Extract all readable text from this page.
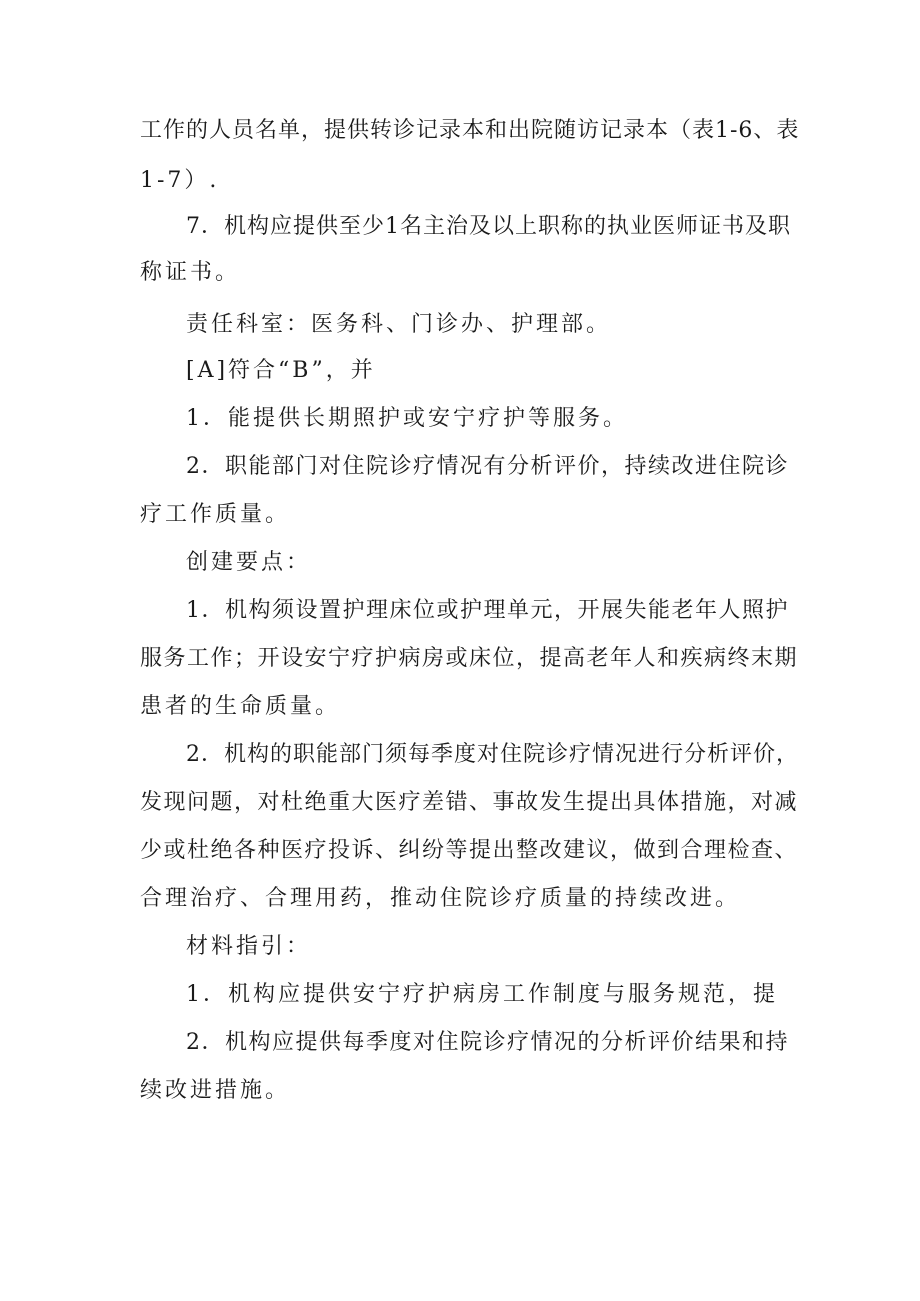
工作的人员名单，提供转诊记录本和出院随访记录本（表1-6、表
1-7）.
7．机构应提供至少1名主治及以上职称的执业医师证书及职
称证书。
责任科室：医务科、门诊办、护理部。
[A]符合“B”，并
1．能提供长期照护或安宁疗护等服务。
2．职能部门对住院诊疗情况有分析评价，持续改进住院诊
疗工作质量。
创建要点：
1．机构须设置护理床位或护理单元，开展失能老年人照护
服务工作；开设安宁疗护病房或床位，提高老年人和疾病终末期
患者的生命质量。
2．机构的职能部门须每季度对住院诊疗情况进行分析评价，
发现问题，对杜绝重大医疗差错、事故发生提出具体措施，对减
少或杜绝各种医疗投诉、纠纷等提出整改建议，做到合理检查、
合理治疗、合理用药，推动住院诊疗质量的持续改进。
材料指引：
1．机构应提供安宁疗护病房工作制度与服务规范，提
2．机构应提供每季度对住院诊疗情况的分析评价结果和持
续改进措施。
